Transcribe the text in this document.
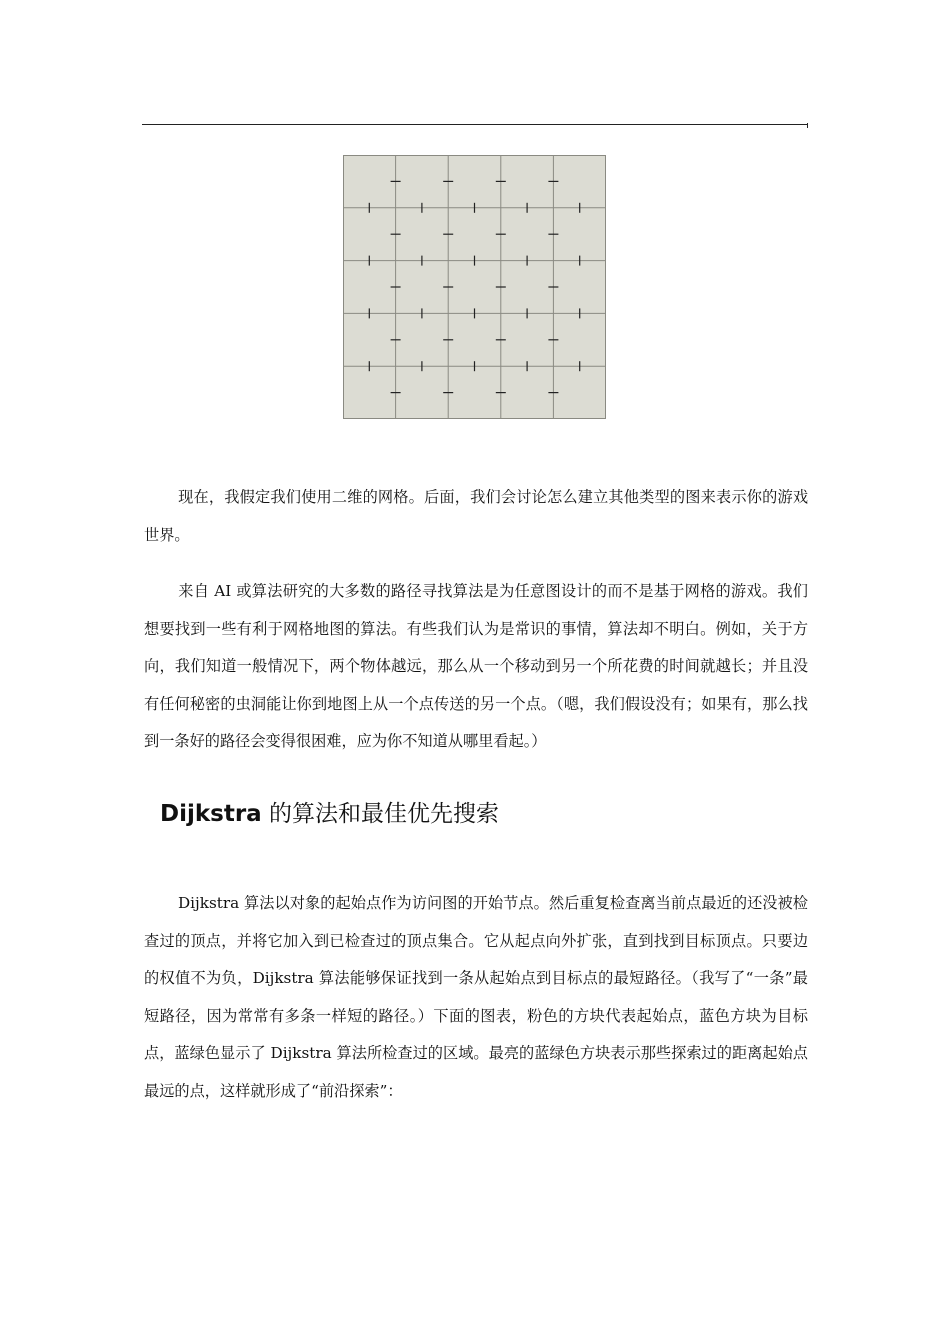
现在，我假定我们使用二维的网格。后面，我们会讨论怎么建立其他类型的图来表示你的游戏世界。

来自 AI 或算法研究的大多数的路径寻找算法是为任意图设计的而不是基于网格的游戏。我们想要找到一些有利于网格地图的算法。有些我们认为是常识的事情，算法却不明白。例如，关于方向，我们知道一般情况下，两个物体越远，那么从一个移动到另一个所花费的时间就越长；并且没有任何秘密的虫洞能让你到地图上从一个点传送的另一个点。（嗯，我们假设没有；如果有，那么找到一条好的路径会变得很困难，应为你不知道从哪里看起。）

Dijkstra 的算法和最佳优先搜索

Dijkstra 算法以对象的起始点作为访问图的开始节点。然后重复检查离当前点最近的还没被检查过的顶点，并将它加入到已检查过的顶点集合。它从起点向外扩张，直到找到目标顶点。只要边的权值不为负，Dijkstra 算法能够保证找到一条从起始点到目标点的最短路径。（我写了“一条”最短路径，因为常常有多条一样短的路径。）下面的图表，粉色的方块代表起始点，蓝色方块为目标点，蓝绿色显示了 Dijkstra 算法所检查过的区域。最亮的蓝绿色方块表示那些探索过的距离起始点最远的点，这样就形成了“前沿探索”：
